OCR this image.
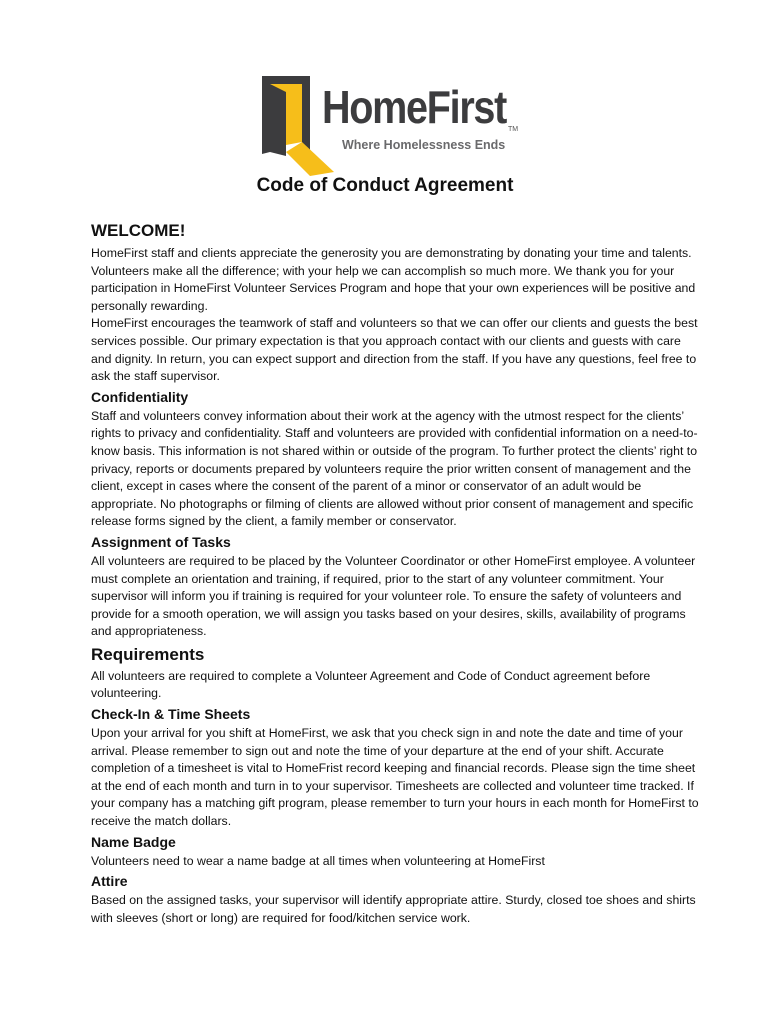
HomeFirst TM
Where Homelessness Ends
Code of Conduct Agreement
WELCOME!

HomeFirst staff and clients appreciate the generosity you are demonstrating by donating your time and talents. Volunteers make all the difference; with your help we can accomplish so much more. We thank you for your participation in HomeFirst Volunteer Services Program and hope that your own experiences will be positive and personally rewarding.

HomeFirst encourages the teamwork of staff and volunteers so that we can offer our clients and guests the best services possible. Our primary expectation is that you approach contact with our clients and guests with care and dignity. In return, you can expect support and direction from the staff. If you have any questions, feel free to ask the staff supervisor.

Confidentiality

Staff and volunteers convey information about their work at the agency with the utmost respect for the clients’ rights to privacy and confidentiality. Staff and volunteers are provided with confidential information on a need-to-know basis. This information is not shared within or outside of the program. To further protect the clients’ right to privacy, reports or documents prepared by volunteers require the prior written consent of management and the client, except in cases where the consent of the parent of a minor or conservator of an adult would be appropriate. No photographs or filming of clients are allowed without prior consent of management and specific release forms signed by the client, a family member or conservator.

Assignment of Tasks

All volunteers are required to be placed by the Volunteer Coordinator or other HomeFirst employee. A volunteer must complete an orientation and training, if required, prior to the start of any volunteer commitment. Your supervisor will inform you if training is required for your volunteer role. To ensure the safety of volunteers and provide for a smooth operation, we will assign you tasks based on your desires, skills, availability of programs and appropriateness.

Requirements

All volunteers are required to complete a Volunteer Agreement and Code of Conduct agreement before volunteering.

Check-In & Time Sheets

Upon your arrival for you shift at HomeFirst, we ask that you check sign in and note the date and time of your arrival. Please remember to sign out and note the time of your departure at the end of your shift. Accurate completion of a timesheet is vital to HomeFrist record keeping and financial records. Please sign the time sheet at the end of each month and turn in to your supervisor. Timesheets are collected and volunteer time tracked. If your company has a matching gift program, please remember to turn your hours in each month for HomeFirst to receive the match dollars.

Name Badge

Volunteers need to wear a name badge at all times when volunteering at HomeFirst

Attire

Based on the assigned tasks, your supervisor will identify appropriate attire. Sturdy, closed toe shoes and shirts with sleeves (short or long) are required for food/kitchen service work.
